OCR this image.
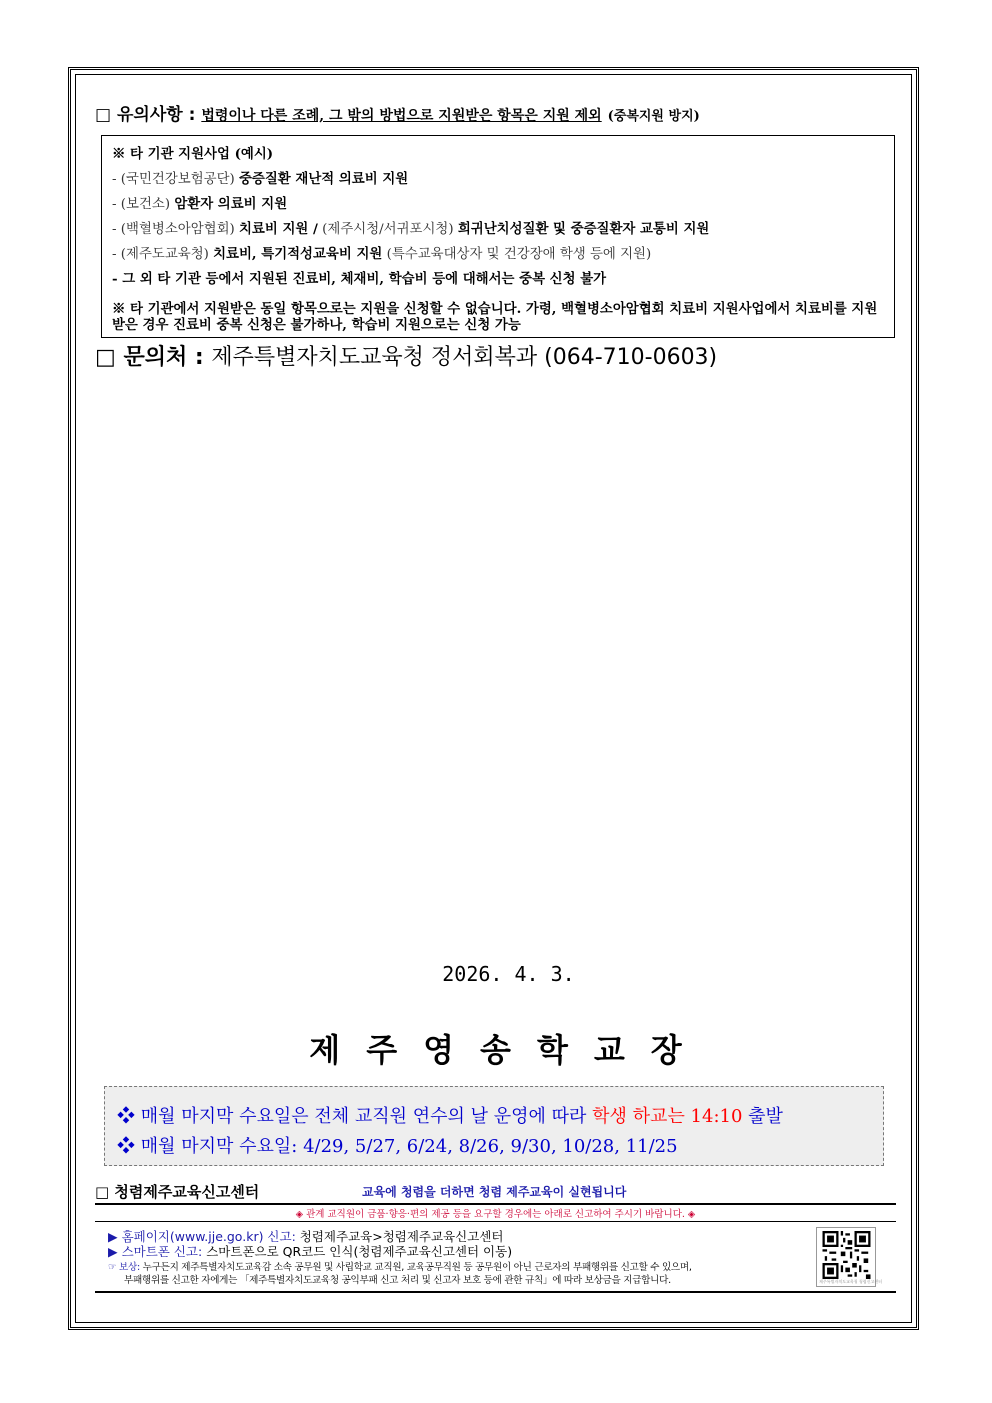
□ 유의사항 : 법령이나 다른 조례, 그 밖의 방법으로 지원받은 항목은 지원 제외 (중복지원 방지)
※ 타 기관 지원사업 (예시)
- (국민건강보험공단) 중증질환 재난적 의료비 지원
- (보건소) 암환자 의료비 지원
- (백혈병소아암협회) 치료비 지원 / (제주시청/서귀포시청) 희귀난치성질환 및 중증질환자 교통비 지원
- (제주도교육청) 치료비, 특기적성교육비 지원 (특수교육대상자 및 건강장애 학생 등에 지원)
- 그 외 타 기관 등에서 지원된 진료비, 체재비, 학습비 등에 대해서는 중복 신청 불가
※ 타 기관에서 지원받은 동일 항목으로는 지원을 신청할 수 없습니다. 가령, 백혈병소아암협회 치료비 지원사업에서 치료비를 지원받은 경우 진료비 중복 신청은 불가하나, 학습비 지원으로는 신청 가능
□ 문의처 : 제주특별자치도교육청 정서회복과 (064-710-0603)
2026. 4. 3.
제주영송학교장
❖ 매월 마지막 수요일은 전체 교직원 연수의 날 운영에 따라 학생 하교는 14:10 출발
❖ 매월 마지막 수요일: 4/29, 5/27, 6/24, 8/26, 9/30, 10/28, 11/25
□ 청렴제주교육신고센터	교육에 청렴을 더하면 청렴 제주교육이 실현됩니다
◈ 관계 교직원이 금품·향응·편의 제공 등을 요구할 경우에는 아래로 신고하여 주시기 바랍니다. ◈
▶ 홈페이지(www.jje.go.kr) 신고: 청렴제주교육>청렴제주교육신고센터
▶ 스마트폰 신고: 스마트폰으로 QR코드 인식(청렴제주교육신고센터 이동)
☞ 보상: 누구든지 제주특별자치도교육감 소속 공무원 및 사립학교 교직원, 교육공무직원 등 공무원이 아닌 근로자의 부패행위를 신고할 수 있으며,
부패행위를 신고한 자에게는 「제주특별자치도교육청 공익부패 신고 처리 및 신고자 보호 등에 관한 규칙」에 따라 보상금을 지급합니다.	제주특별자치도교육청 청렴신고센터
